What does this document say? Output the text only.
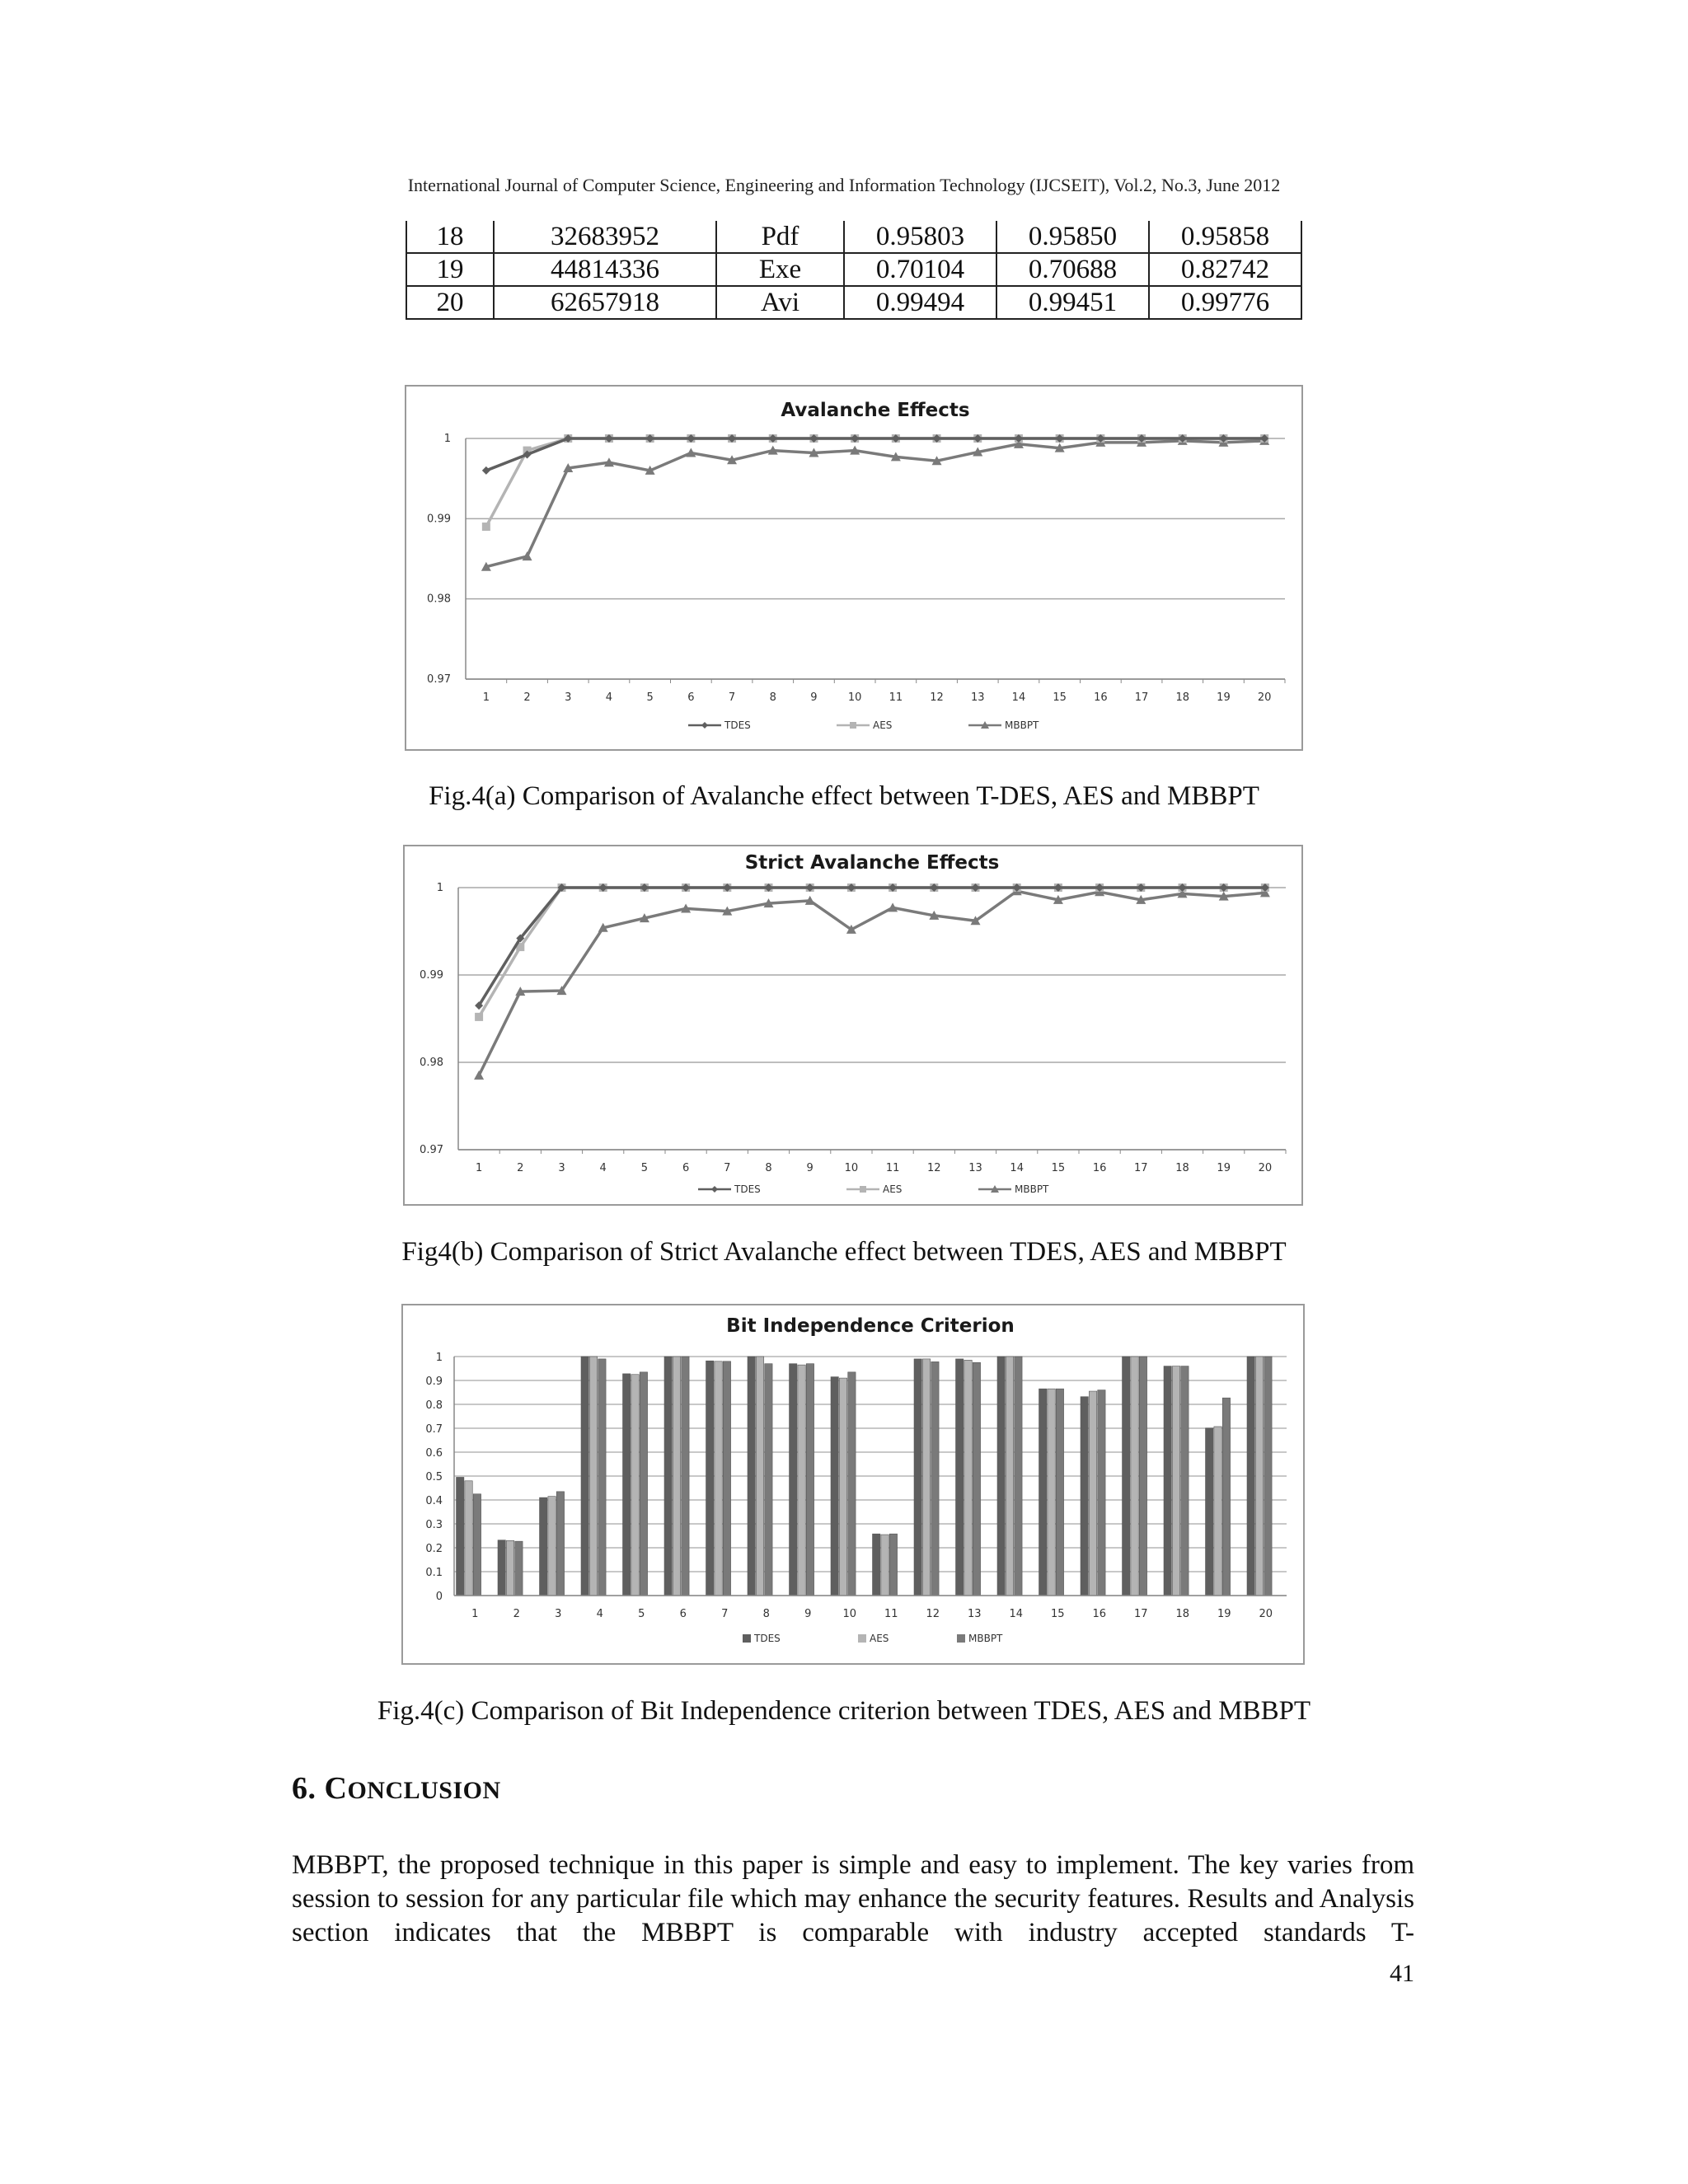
International Journal of Computer Science, Engineering and Information Technology (IJCSEIT), Vol.2, No.3, June 2012
18	32683952	Pdf	0.95803	0.95850	0.95858
19	44814336	Exe	0.70104	0.70688	0.82742
20	62657918	Avi	0.99494	0.99451	0.99776
Avalanche Effects
0.97
0.98
0.99
1
1	2	3	4	5	6	7	8	9	10	11	12	13	14	15	16	17	18	19	20
TDES	AES	MBBPT
Fig.4(a) Comparison of Avalanche effect between T-DES, AES and MBBPT
Strict Avalanche Effects
0.97
0.98
0.99
1
1	2	3	4	5	6	7	8	9	10	11	12	13	14	15	16	17	18	19	20
TDES	AES	MBBPT
Fig4(b) Comparison of Strict Avalanche effect between TDES, AES and MBBPT
Bit Independence Criterion
0
0.1
0.2
0.3
0.4
0.5
0.6
0.7
0.8
0.9
1
1	2	3	4	5	6	7	8	9	10	11	12	13	14	15	16	17	18	19	20
TDES	AES	MBBPT
Fig.4(c) Comparison of Bit Independence criterion between TDES, AES and MBBPT
6. CONCLUSION
MBBPT, the proposed technique in this paper is simple and easy to implement. The key varies from session to session for any particular file which may enhance the security features. Results and Analysis section indicates that the MBBPT is comparable with industry accepted standards T-
41
